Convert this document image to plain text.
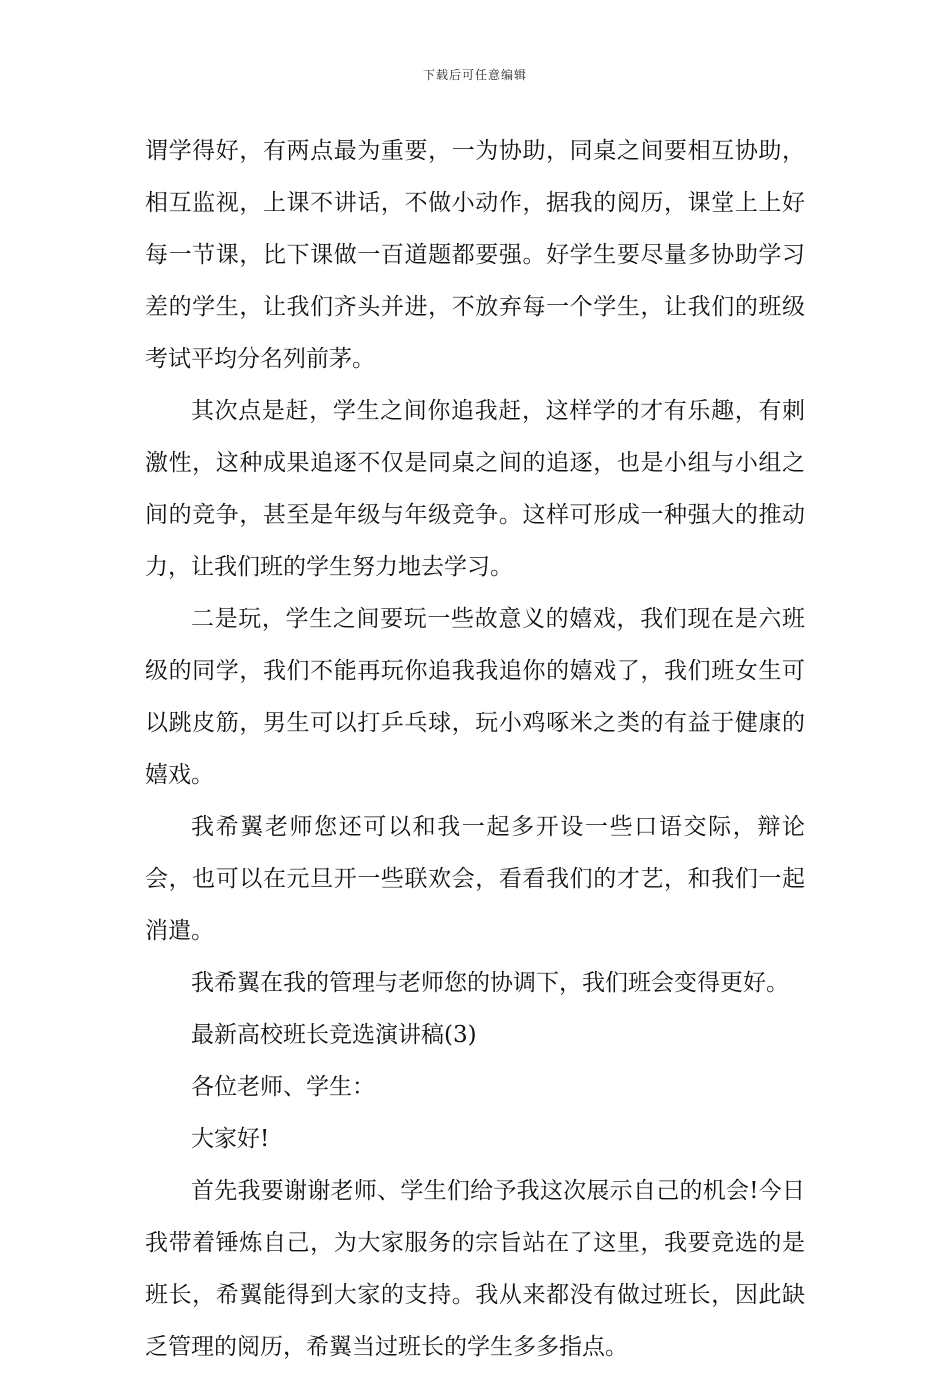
下载后可任意编辑

谓学得好，有两点最为重要，一为协助，同桌之间要相互协助，相互监视，上课不讲话，不做小动作，据我的阅历，课堂上上好每一节课，比下课做一百道题都要强。好学生要尽量多协助学习差的学生，让我们齐头并进，不放弃每一个学生，让我们的班级考试平均分名列前茅。

其次点是赶，学生之间你追我赶，这样学的才有乐趣，有刺激性，这种成果追逐不仅是同桌之间的追逐，也是小组与小组之间的竞争，甚至是年级与年级竞争。这样可形成一种强大的推动力，让我们班的学生努力地去学习。

二是玩，学生之间要玩一些故意义的嬉戏，我们现在是六班级的同学，我们不能再玩你追我我追你的嬉戏了，我们班女生可以跳皮筋，男生可以打乒乓球，玩小鸡啄米之类的有益于健康的嬉戏。

我希翼老师您还可以和我一起多开设一些口语交际，辩论会，也可以在元旦开一些联欢会，看看我们的才艺，和我们一起消遣。

我希翼在我的管理与老师您的协调下，我们班会变得更好。

最新高校班长竞选演讲稿(3)

各位老师、学生：

大家好!

首先我要谢谢老师、学生们给予我这次展示自己的机会!今日我带着锤炼自己，为大家服务的宗旨站在了这里，我要竞选的是班长，希翼能得到大家的支持。我从来都没有做过班长，因此缺乏管理的阅历，希翼当过班长的学生多多指点。
